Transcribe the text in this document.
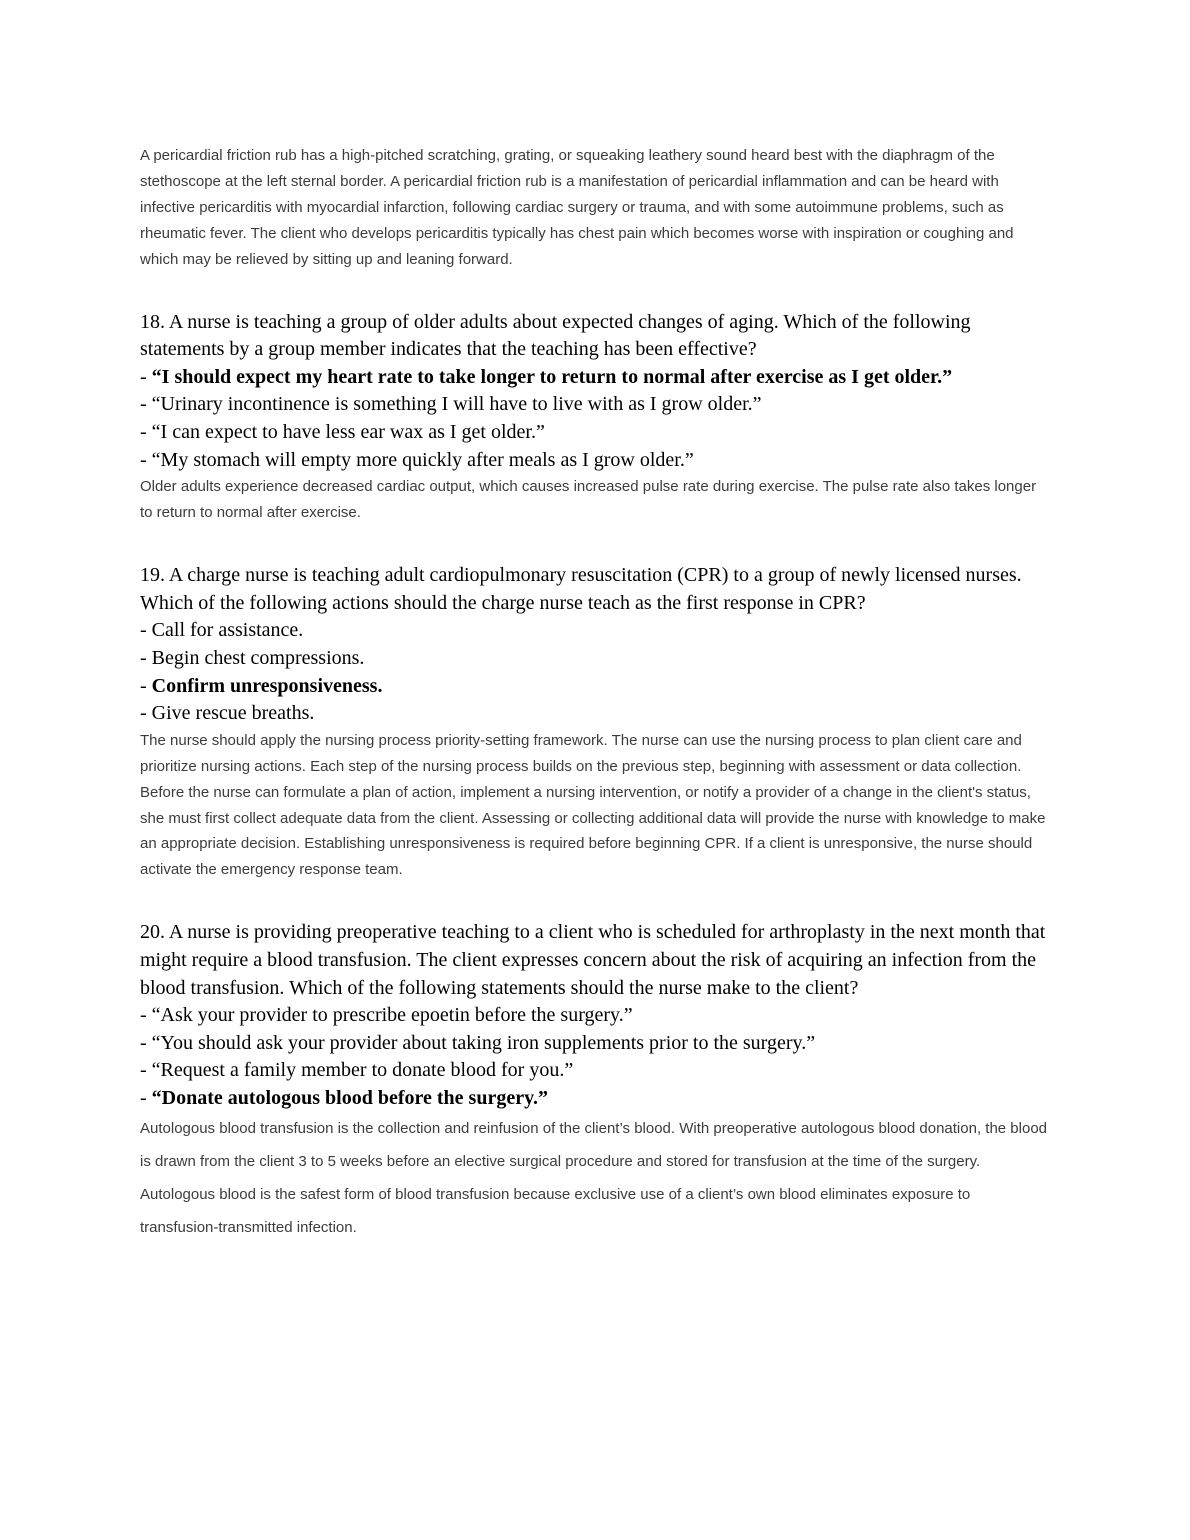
A pericardial friction rub has a high-pitched scratching, grating, or squeaking leathery sound heard best with the diaphragm of the stethoscope at the left sternal border. A pericardial friction rub is a manifestation of pericardial inflammation and can be heard with infective pericarditis with myocardial infarction, following cardiac surgery or trauma, and with some autoimmune problems, such as rheumatic fever. The client who develops pericarditis typically has chest pain which becomes worse with inspiration or coughing and which may be relieved by sitting up and leaning forward.

18. A nurse is teaching a group of older adults about expected changes of aging. Which of the following statements by a group member indicates that the teaching has been effective?

- “I should expect my heart rate to take longer to return to normal after exercise as I get older.”

- “Urinary incontinence is something I will have to live with as I grow older.”

- “I can expect to have less ear wax as I get older.”

- “My stomach will empty more quickly after meals as I grow older.”

Older adults experience decreased cardiac output, which causes increased pulse rate during exercise. The pulse rate also takes longer to return to normal after exercise.

19. A charge nurse is teaching adult cardiopulmonary resuscitation (CPR) to a group of newly licensed nurses. Which of the following actions should the charge nurse teach as the first response in CPR?

- Call for assistance.

- Begin chest compressions.

- Confirm unresponsiveness.

- Give rescue breaths.

The nurse should apply the nursing process priority-setting framework. The nurse can use the nursing process to plan client care and prioritize nursing actions. Each step of the nursing process builds on the previous step, beginning with assessment or data collection. Before the nurse can formulate a plan of action, implement a nursing intervention, or notify a provider of a change in the client's status, she must first collect adequate data from the client. Assessing or collecting additional data will provide the nurse with knowledge to make an appropriate decision. Establishing unresponsiveness is required before beginning CPR. If a client is unresponsive, the nurse should activate the emergency response team.

20. A nurse is providing preoperative teaching to a client who is scheduled for arthroplasty in the next month that might require a blood transfusion. The client expresses concern about the risk of acquiring an infection from the blood transfusion. Which of the following statements should the nurse make to the client?

- “Ask your provider to prescribe epoetin before the surgery.”

- “You should ask your provider about taking iron supplements prior to the surgery.”

- “Request a family member to donate blood for you.”

- “Donate autologous blood before the surgery.”

Autologous blood transfusion is the collection and reinfusion of the client’s blood. With preoperative autologous blood donation, the blood is drawn from the client 3 to 5 weeks before an elective surgical procedure and stored for transfusion at the time of the surgery. Autologous blood is the safest form of blood transfusion because exclusive use of a client’s own blood eliminates exposure to transfusion-transmitted infection.
